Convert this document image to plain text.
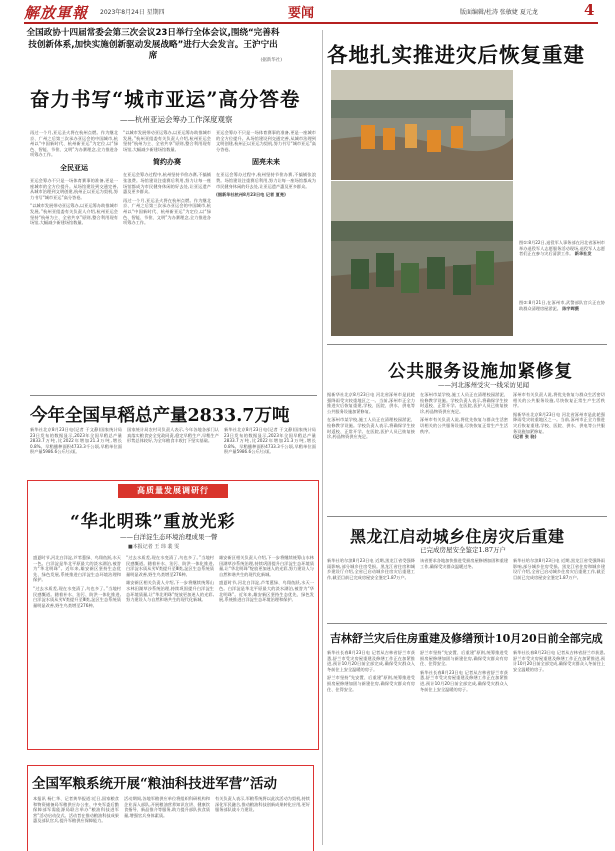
解放軍報 2023年8月24日 星期四	要闻	版面编辑/杜涛 张敏婕 夏元龙	4
全国政协十四届常委会第三次会议23日举行全体会议,围绕“完善科技创新体系,加快实施创新驱动发展战略”进行大会发言。王沪宁出席	(据新华社) 各地扎实推进灾后恢复重建
图①:8月22日,退役军人事务部在河北省涿州市举办退役军人志愿服务活动现场,退役军人志愿者们正在参与灾后清淤工作。 新华社发
图②:8月21日,在涿州市,武警部队官兵正在协助群众清理房屋淤泥。 陈宇晖摄
奋力书写“城市亚运”高分答卷
——杭州亚运会筹办工作深度观察
再过一个月,亚运圣火将在杭州点燃。作为继北京、广州之后第三次承办亚运会的中国城市,杭州以“中国新时代、杭州新亚运”为定位,以“绿色、智能、节俭、文明”为办赛理念,全力推进各项筹办工作。
全民亚运
亚运会筹办不只是一场体育赛事的准备,更是一座城市的全方位提升。从场馆建设到交通完善,从城市治理到文明创建,杭州正以亚运为契机,努力书写“城市亚运”高分答卷。
“以城市发展带动亚运筹办,以亚运筹办助推城市发展。”杭州亚组委有关负责人介绍,杭州亚运会坚持“杭州为主、全省共享”原则,整合利用现有场馆,大幅减少新建场馆数量。
“以城市发展带动亚运筹办,以亚运筹办助推城市发展。”杭州亚组委有关负责人介绍,杭州亚运会坚持“杭州为主、全省共享”原则,整合利用现有场馆,大幅减少新建场馆数量。
简约办赛
在亚运会筹办过程中,杭州坚持节俭办赛,不搞铺张浪费。场馆建设注重赛后利用,努力让每一座场馆都成为市民健身休闲的好去处,让亚运遗产惠及更多群众。
再过一个月,亚运圣火将在杭州点燃。作为继北京、广州之后第三次承办亚运会的中国城市,杭州以“中国新时代、杭州新亚运”为定位,以“绿色、智能、节俭、文明”为办赛理念,全力推进各项筹办工作。
亚运会筹办不只是一场体育赛事的准备,更是一座城市的全方位提升。从场馆建设到交通完善,从城市治理到文明创建,杭州正以亚运为契机,努力书写“城市亚运”高分答卷。
固亮未来
在亚运会筹办过程中,杭州坚持节俭办赛,不搞铺张浪费。场馆建设注重赛后利用,努力让每一座场馆都成为市民健身休闲的好去处,让亚运遗产惠及更多群众。
(据新华社杭州8月23日电 记者 夏亮)
今年全国早稻总产量2833.7万吨
新华社北京8月23日电(记者 于文静)国家统计局23日发布的数据显示,2023年全国早稻总产量2833.7万吨,比2022年增加21.3万吨,增长0.8%。早稻播种面积4733.3千公顷,早稻单位面积产量5986.6公斤/公顷。
国家统计局农村司负责人表示,今年各地各部门认真落实粮食安全党政同责,稳定早稻生产,早稻生产形势总体较好,为全年粮食丰收打下坚实基础。
新华社北京8月23日电(记者 于文静)国家统计局23日发布的数据显示,2023年全国早稻总产量2833.7万吨,比2022年增加21.3万吨,增长0.8%。早稻播种面积4733.3千公顷,早稻单位面积产量5986.6公斤/公顷。
高质量发展调研行
“华北明珠”重放光彩
——白洋淀生态环境治理成果一瞥
■本报记者 王 玮 裴 雯
盛夏时节,河北白洋淀,芦苇葱绿、鸟翔鱼跃,水天一色。白洋淀是华北平原最大的淡水湖泊,被誉为“华北明珠”。近年来,雄安新区坚持生态优先、绿色发展,系统推进白洋淀生态环境治理和保护。
“过去水质差,现在水变清了,鸟也多了。”当地村民感慨道。随着补水、治污、防洪一体化推进,白洋淀水质从劣V类提升至Ⅲ类,淀区生态系统质量明显改善,野生鸟类增至276种。
“过去水质差,现在水变清了,鸟也多了。”当地村民感慨道。随着补水、治污、防洪一体化推进,白洋淀水质从劣V类提升至Ⅲ类,淀区生态系统质量明显改善,野生鸟类增至276种。
雄安新区相关负责人介绍,下一步将继续统筹山水林田湖草沙系统治理,持续巩固提升白洋淀生态环境质量,让“华北明珠”绽放更加迷人的光彩,努力建设人与自然和谐共生的现代化新城。
雄安新区相关负责人介绍,下一步将继续统筹山水林田湖草沙系统治理,持续巩固提升白洋淀生态环境质量,让“华北明珠”绽放更加迷人的光彩,努力建设人与自然和谐共生的现代化新城。
盛夏时节,河北白洋淀,芦苇葱绿、鸟翔鱼跃,水天一色。白洋淀是华北平原最大的淡水湖泊,被誉为“华北明珠”。近年来,雄安新区坚持生态优先、绿色发展,系统推进白洋淀生态环境治理和保护。
公共服务设施加紧修复
——河北涿州受灾一线采访见闻
据新华社北京8月23日电 河北省涿州市是此轮强降雨受灾较重地区之一。当前,涿州市正全力推进灾后恢复重建,学校、医院、供水、供电等公共服务设施加紧修复。
在涿州市某学校,施工人员正在清理校园淤泥、检修教学设施。学校负责人表示,将确保学生按时返校、正常开学。在医院,医护人员已恢复接诊,药品物资供应充足。
在涿州市某学校,施工人员正在清理校园淤泥、检修教学设施。学校负责人表示,将确保学生按时返校、正常开学。在医院,医护人员已恢复接诊,药品物资供应充足。
涿州市有关负责人说,将优先恢复与群众生活密切相关的公共服务设施,尽快恢复正常生产生活秩序。
涿州市有关负责人说,将优先恢复与群众生活密切相关的公共服务设施,尽快恢复正常生产生活秩序。
据新华社北京8月23日电 河北省涿州市是此轮强降雨受灾较重地区之一。当前,涿州市正全力推进灾后恢复重建,学校、医院、供水、供电等公共服务设施加紧修复。
(记者 张 骁)
黑龙江启动城乡住房灾后重建
已完成房屋安全鉴定1.87万户
新华社哈尔滨8月23日电 近期,黑龙江省受强降雨影响,部分城乡住房受损。黑龙江省住房和城乡建设厅介绍,全省已启动城乡住房灾后重建工作,截至目前已完成房屋安全鉴定1.87万户。
该省要求各地加快推进受损房屋修缮加固和重建工作,确保受灾群众温暖过冬。
新华社哈尔滨8月23日电 近期,黑龙江省受强降雨影响,部分城乡住房受损。黑龙江省住房和城乡建设厅介绍,全省已启动城乡住房灾后重建工作,截至目前已完成房屋安全鉴定1.87万户。
吉林舒兰灾后住房重建及修缮预计10月20日前全部完成
新华社长春8月23日电 记者从吉林省舒兰市获悉,舒兰市受灾房屋重建及修缮工作正在加紧推进,预计10月20日前全部完成,确保受灾群众入冬前住上安全温暖的房子。
舒兰市坚持“先安置、后重建”原则,统筹推进受损房屋修缮加固与新建住房,确保受灾群众有房住、住得安全。
舒兰市坚持“先安置、后重建”原则,统筹推进受损房屋修缮加固与新建住房,确保受灾群众有房住、住得安全。
新华社长春8月23日电 记者从吉林省舒兰市获悉,舒兰市受灾房屋重建及修缮工作正在加紧推进,预计10月20日前全部完成,确保受灾群众入冬前住上安全温暖的房子。
新华社长春8月23日电 记者从吉林省舒兰市获悉,舒兰市受灾房屋重建及修缮工作正在加紧推进,预计10月20日前全部完成,确保受灾群众入冬前住上安全温暖的房子。
全国军粮系统开展“粮油科技进军营”活动
本报讯 杨仁华、记者黄华报道:近日,国家粮食和物资储备局军粮供应办公室、中央军委后勤保障部军需能源局联合举办“粮油科技进军营”活动启动仪式。活动旨在推动粮油科技成果惠及部队官兵,提升军粮供应保障能力。
活动期间,各地军粮供应单位将组织科研机构和企业深入部队,开展粮油营养知识宣讲、健康饮食指导、新品推介等服务,助力提升部队伙食质量,增强官兵身体素质。
有关负责人表示,军粮系统将以此次活动为契机,持续深化军民融合,推动粮油科技创新成果转化应用,更好服务部队战斗力建设。
